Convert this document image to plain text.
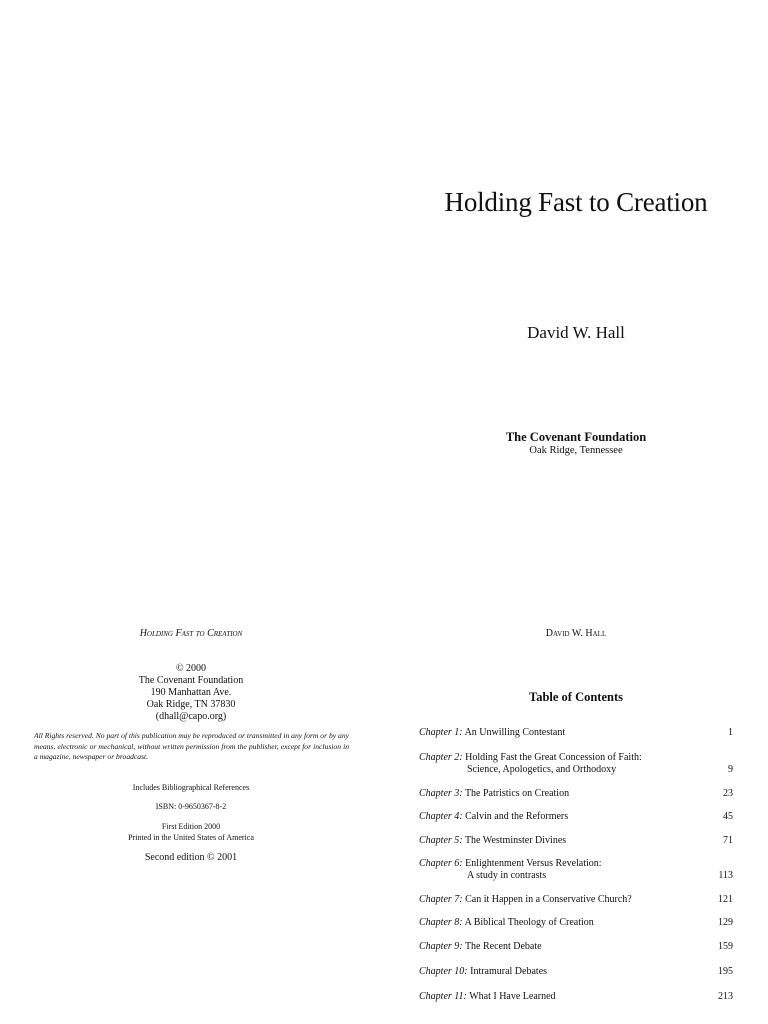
Holding Fast to Creation
David W. Hall
The Covenant Foundation
Oak Ridge, Tennessee
Holding Fast to Creation
© 2000
The Covenant Foundation
190 Manhattan Ave.
Oak Ridge, TN 37830
(dhall@capo.org)
All Rights reserved. No part of this publication may be reproduced or transmitted in any form or by any means, electronic or mechanical, without written permission from the publisher, except for inclusion in a magazine, newspaper or broadcast.
Includes Bibliographical References
ISBN: 0-9650367-8-2
First Edition 2000
Printed in the United States of America
Second edition © 2001
David W. Hall
Table of Contents
Chapter 1: An Unwilling Contestant	1
Chapter 2: Holding Fast the Great Concession of Faith:
Science, Apologetics, and Orthodoxy	9
Chapter 3: The Patristics on Creation	23
Chapter 4: Calvin and the Reformers	45
Chapter 5: The Westminster Divines	71
Chapter 6: Enlightenment Versus Revelation:
A study in contrasts	113
Chapter 7: Can it Happen in a Conservative Church?	121
Chapter 8: A Biblical Theology of Creation	129
Chapter 9: The Recent Debate	159
Chapter 10: Intramural Debates	195
Chapter 11: What I Have Learned	213
